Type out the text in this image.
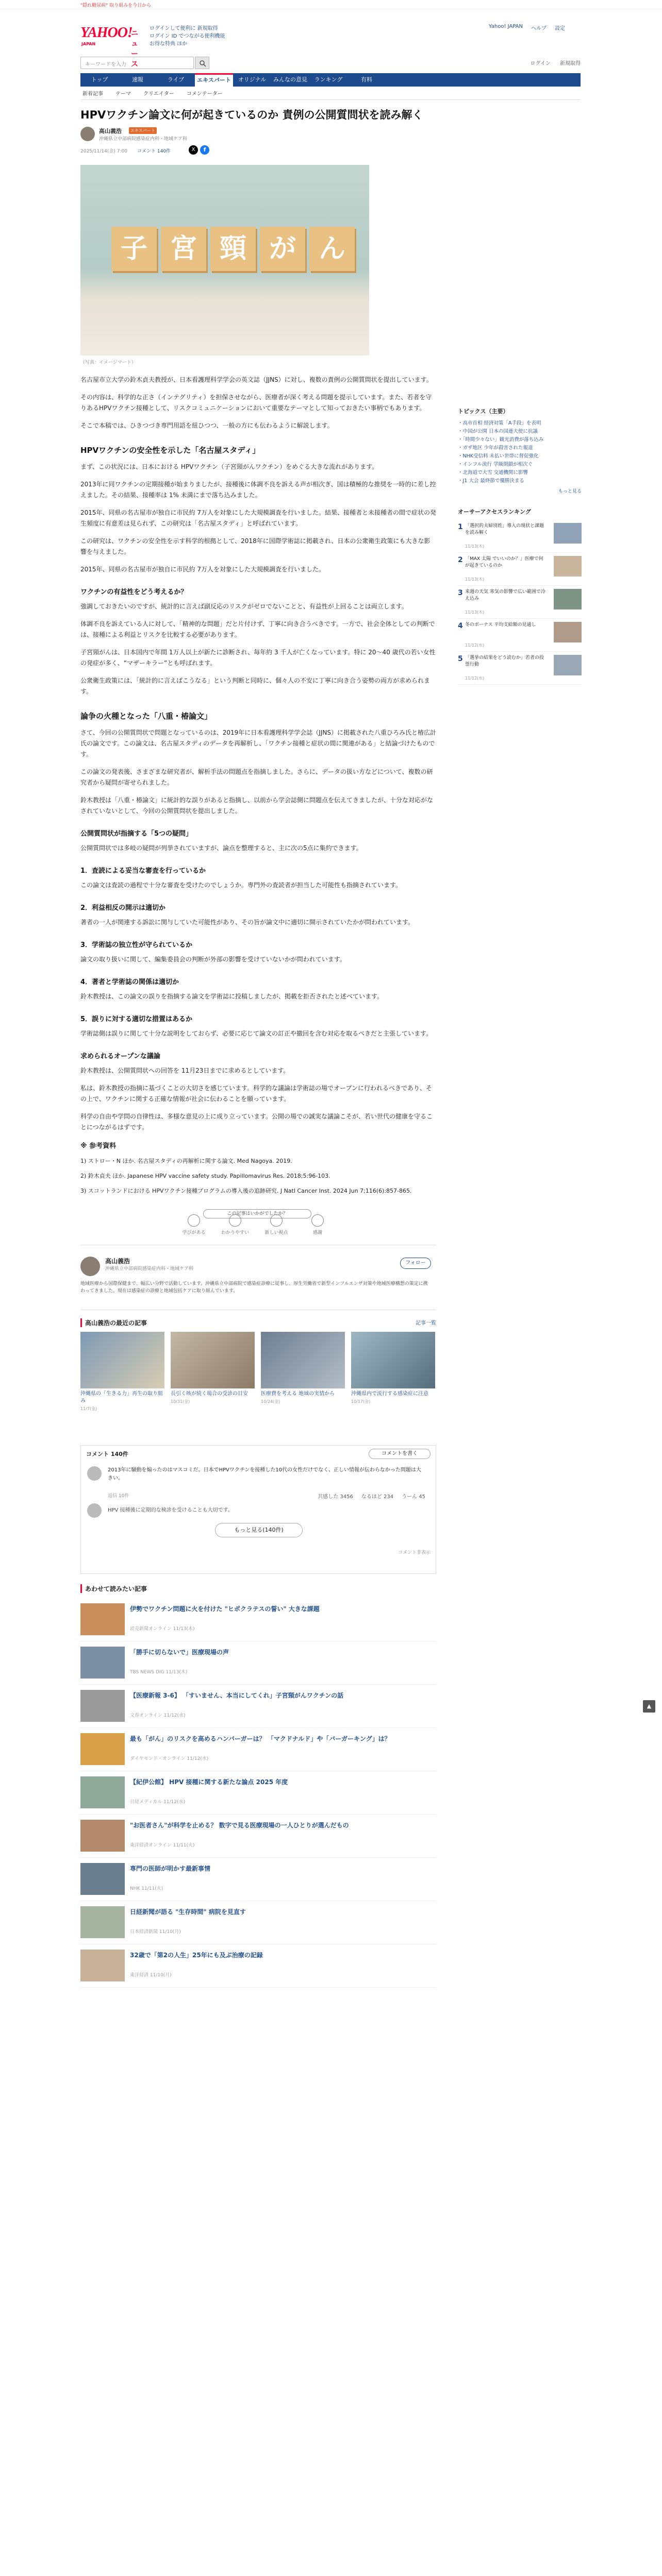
"隠れ糖尿病" 取り組みを今日から
YAHOO!
ニュース
JAPAN
ログインして便利に 新規取得
ログイン ID でつながる便利機能
お得な特典 ほか
Yahoo! JAPAN ヘルプ 設定
キーワードを入力	ログイン 新規取得
トップ	速報	ライブ	エキスパート	オリジナル	みんなの意見	ランキング	有料
新着記事 テーマ クリエイター コメンテーター
HPVワクチン論文に何が起きているのか 責例の公開質問状を読み解く
高山義浩	エキスパート
沖縄県立中部病院感染症内科・地域ケア科
2025/11/14(金) 7:00 コメント 140件	X	f
子 宮 頸 が ん
（写真：イメージマート）

名古屋市立大学の鈴木貞夫教授が、日本看護理科学学会の英文誌（JJNS）に対し、複数の責例の公開質問状を提出しています。

その内容は、科学的な正さ（インテグリティ）を担保させながら、医療者が深く考える問題を提示しています。また、若者を守りあるHPVワクチン接種として、リスクコミュニケーションにおいて重要なテーマとして知っておきたい事柄でもあります。

そこで本稿では、ひきつづき専門用語を紐ひつつ、一般の方にも伝わるように解説します。

HPVワクチンの安全性を示した「名古屋スタディ」

まず、この状況には、日本における HPVワクチン（子宮頸がんワクチン）をめぐる大きな流れがあります。

2013年に同ワクチンの定期接種が始まりましたが、接種後に体調不良を訴える声が相次ぎ、国は積極的な推奨を一時的に差し控えました。その結果、接種率は 1% 未満にまで落ち込みました。

2015年、同県の名古屋市が独自に市民約 7万人を対象にした大規模調査を行いました。結果、接種者と未接種者の間で症状の発生頻度に有意差は見られず、この研究は「名古屋スタディ」と呼ばれています。

この研究は、ワクチンの安全性を示す科学的根拠として、2018年に国際学術誌に掲載され、日本の公衆衛生政策にも大きな影響を与えました。

2015年、同県の名古屋市が独自に市民約 7万人を対象にした大規模調査を行いました。

ワクチンの有益性をどう考えるか？

強調しておきたいのですが、統計的に言えば副反応のリスクがゼロでないことと、有益性が上回ることは両立します。

体調不良を訴えている人に対して、「精神的な問題」だと片付けず、丁寧に向き合うべきです。一方で、社会全体としての判断では、接種による利益とリスクを比較する必要があります。

子宮頸がんは、日本国内で年間 1万人以上が新たに診断され、毎年約 3 千人が亡くなっています。特に 20〜40 歳代の若い女性の発症が多く、“マザーキラー”とも呼ばれます。

公衆衛生政策には、「統計的に言えばこうなる」という判断と同時に、個々人の不安に丁寧に向き合う姿勢の両方が求められます。

論争の火種となった「八重・椿論文」

さて、今回の公開質問状で問題となっているのは、2019年に日本看護理科学学会誌（JJNS）に掲載された八重ひろみ氏と椿広計氏の論文です。この論文は、名古屋スタディのデータを再解析し、「ワクチン接種と症状の間に関連がある」と結論づけたものです。

この論文の発表後、さまざまな研究者が、解析手法の問題点を指摘しました。さらに、データの扱い方などについて、複数の研究者から疑問が寄せられました。

鈴木教授は「八重・椿論文」に統計的な誤りがあると指摘し、以前から学会誌側に問題点を伝えてきましたが、十分な対応がなされていないとして、今回の公開質問状を提出しました。

公開質問状が指摘する「5つの疑問」

公開質問状では多岐の疑問が列挙されていますが、論点を整理すると、主に次の5点に集約できます。

1．査読による妥当な審査を行っているか

この論文は査読の過程で十分な審査を受けたのでしょうか。専門外の査読者が担当した可能性も指摘されています。

2．利益相反の開示は適切か

著者の一人が関連する訴訟に関与していた可能性があり、その旨が論文中に適切に開示されていたかが問われています。

3．学術誌の独立性が守られているか

論文の取り扱いに関して、編集委員会の判断が外部の影響を受けていないかが問われています。

4．著者と学術誌の関係は適切か

鈴木教授は、この論文の誤りを指摘する論文を学術誌に投稿しましたが、掲載を拒否されたと述べています。

5．誤りに対する適切な措置はあるか

学術誌側は誤りに関して十分な説明をしておらず、必要に応じて論文の訂正や撤回を含む対応を取るべきだと主張しています。

求められるオープンな議論

鈴木教授は、公開質問状への回答を 11月23日までに求めるとしています。

私は、鈴木教授の指摘に基づくことの大切さを感じています。科学的な議論は学術誌の場でオープンに行われるべきであり、その上で、ワクチンに関する正確な情報が社会に伝わることを願っています。

科学の自由や学問の自律性は、多様な意見の上に成り立っています。公開の場での誠実な議論こそが、若い世代の健康を守ることにつながるはずです。

※ 参考資料

1) ストロー・N ほか. 名古屋スタディの再解析に関する論文. Med Nagoya. 2019.

2) 鈴木貞夫 ほか. Japanese HPV vaccine safety study. Papillomavirus Res. 2018;5:96-103.

3) スコットランドにおける HPVワクチン接種プログラムの導入後の追跡研究. J Natl Cancer Inst. 2024 Jun 7;116(6):857-865.

この記事はいかがでしたか？
学びがある	わかりやすい	新しい視点	感謝
高山義浩
沖縄県立中部病院感染症内科・地域ケア科
フォロー
地域医療から国際保健まで、幅広い分野で活動しています。沖縄県立中部病院で感染症診療に従事し、厚生労働省で新型インフルエンザ対策や地域医療構想の策定に携わってきました。現在は感染症の診療と地域包括ケアに取り組んでいます。
高山義浩の最近の記事	記事一覧
沖縄県の「生きる力」再生の取り組み
11/7(金)
長引く咳が続く場合の受診の目安
10/31(金)
医療費を考える 地域の実情から
10/24(金)
沖縄県内で流行する感染症に注意
10/17(金)
コメント 140件	コメントを書く
2013年に騒動を煽ったのはマスコミだ。日本でHPVワクチンを接種した10代の女性だけでなく、正しい情報が伝わらなかった問題は大きい。
返信 10件	共感した 3456 なるほど 234 うーん 45
HPV 接種後に定期的な検診を受けることも大切です。
もっと見る(140件)
コメント非表示
あわせて読みたい記事
伊勢でワクチン問題に火を付けた "ヒポクラテスの誓い" 大きな課題
読売新聞オンライン 11/13(木)
「勝手に切らないで」医療現場の声
TBS NEWS DIG 11/13(木)
【医療新報 3-6】 「すいません、本当にしてくれ」子宮頸がんワクチンの話
文春オンライン 11/12(水)
最も「がん」のリスクを高めるハンバーガーは？ 「マクドナルド」や「バーガーキング」は？
ダイヤモンド・オンライン 11/12(水)
【紀伊公館】 HPV 接種に関する新たな論点 2025 年度
日経メディカル 11/12(水)
"お医者さん"が科学を止める？ 数字で見る医療現場の一人ひとりが選んだもの
東洋経済オンライン 11/11(火)
専門の医師が明かす最新事情
NHK 11/11(火)
日経新聞が語る "生存時間" 病院を見直す
日本経済新聞 11/10(月)
32歳で「第2の人生」25年にも及ぶ治療の記録
東洋経済 11/10(月)
トピックス（主要）
・ 高市首相 経済対策「A手段」を表明
・ 中国が公開 日本の国連大使に抗議
・ 「時間少々ない」観光消費が落ち込み
・ ガザ地区 少年が殺害された報道
・ NHK受信料 未払い世帯に督促強化
・ インフル流行 学級閉鎖が相次ぐ
・ 北海道で大雪 交通機関に影響
・ J1 大会 最終節で優勝決まる
もっと見る
オーサーアクセスランキング
1 「選択的夫婦別姓」導入の現状と課題を読み解く
11/13(木)
2 「MAX 太陽 でいいのか？」医療で何が起きているのか
11/13(木)
3 来週の天気 寒気の影響で広い範囲で冷え込み
11/13(木)
4 冬のボーナス 平均支給額の見通し
11/12(水)
5 「選挙の結果をどう読むか」若者の投票行動
11/12(水)
▲
